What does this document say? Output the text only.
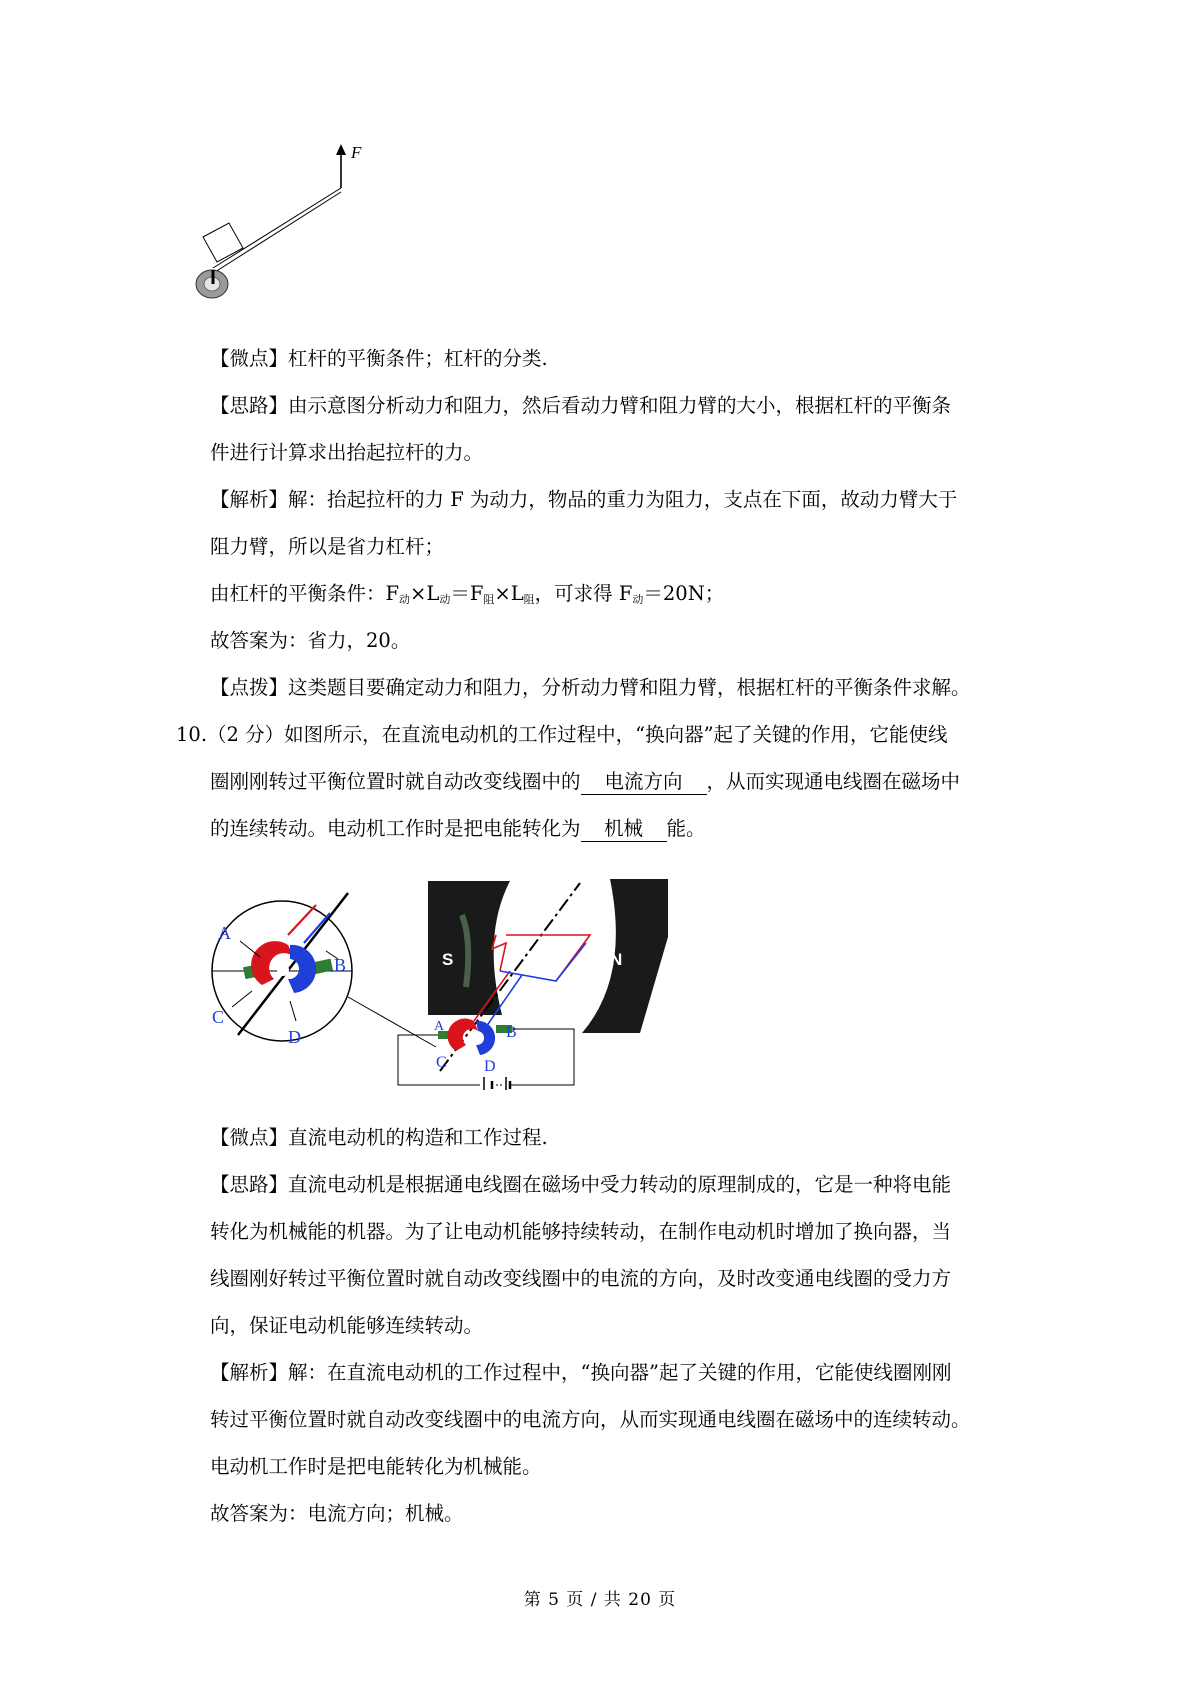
F
【微点】杠杆的平衡条件；杠杆的分类.
【思路】由示意图分析动力和阻力，然后看动力臂和阻力臂的大小，根据杠杆的平衡条
件进行计算求出抬起拉杆的力。
【解析】解：抬起拉杆的力 F 为动力，物品的重力为阻力，支点在下面，故动力臂大于
阻力臂，所以是省力杠杆；
由杠杆的平衡条件：$F_动\times L_动=F_阻\times L_阻$，可求得 $F_动=20N$；
故答案为：省力，20。
【点拨】这类题目要确定动力和阻力，分析动力臂和阻力臂，根据杠杆的平衡条件求解。
10.（2 分）如图所示，在直流电动机的工作过程中，“换向器”起了关键的作用，它能使线
圈刚刚转过平衡位置时就自动改变线圈中的 电流方向 ，从而实现通电线圈在磁场中
的连续转动。电动机工作时是把电能转化为 机械 能。
A
B
C
D
S	N
A	B
C D
【微点】直流电动机的构造和工作过程.
【思路】直流电动机是根据通电线圈在磁场中受力转动的原理制成的，它是一种将电能
转化为机械能的机器。为了让电动机能够持续转动，在制作电动机时增加了换向器，当
线圈刚好转过平衡位置时就自动改变线圈中的电流的方向，及时改变通电线圈的受力方
向，保证电动机能够连续转动。
【解析】解：在直流电动机的工作过程中，“换向器”起了关键的作用，它能使线圈刚刚
转过平衡位置时就自动改变线圈中的电流方向，从而实现通电线圈在磁场中的连续转动。
电动机工作时是把电能转化为机械能。
故答案为：电流方向；机械。
第 5 页 / 共 20 页
